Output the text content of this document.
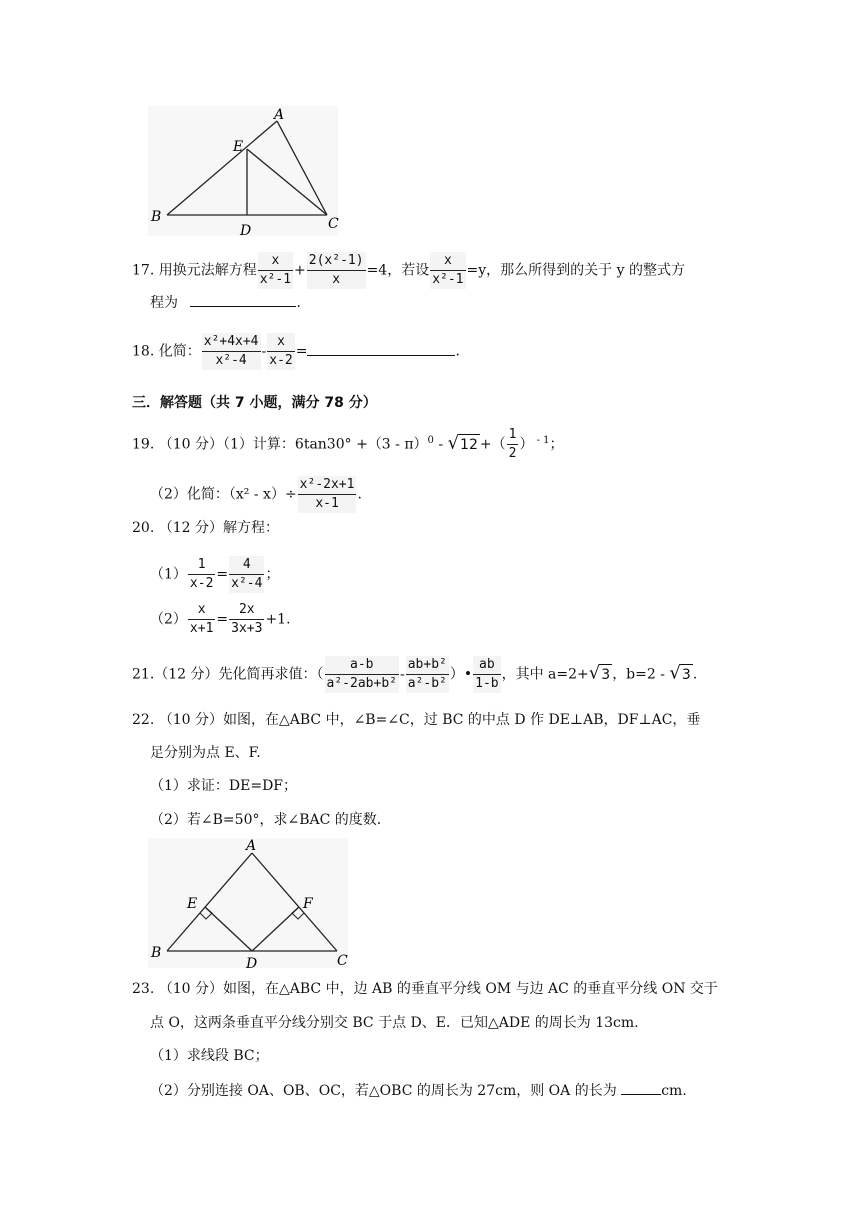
A
E
B
D	C
17. 用换元法解方程 $\frac{x}{\text{x²-1}} + \frac{\text{2(x²-1)}}{x} =4$，若设 $\frac{x}{\text{x²-1}} =y$，那么所得到的关于 y 的整式方
程为	.
18. 化简： $\frac{\text{x²+4x+4}}{\text{x²-4}} - \frac{x}{x-2}$ =	.
三．解答题（共 7 小题，满分 78 分）
19. （10 分）（1）计算：6tan30° +（3 - π）$^0$ - √12 +（ $\frac{1}{2}$ ） $^{- 1}$；
（2）化简：$(x^2 - x)\div \frac{\text{x²-2x+1}}{x-1}$ .
20. （12 分）解方程：
$(1) \frac{1}{x-2} = \frac{4}{\text{x²-4}}$ ；
$(2) \frac{x}{x+1} = \frac{2x}{3x+3} +1$.
21.（12 分）先化简再求值：（ $\frac{a-b}{\text{a²-2ab+b²}} - \frac{\text{ab+b²}}{\text{a²-b²}}$ ）• $\frac{ab}{1-b}$ ，其中 a=2+√3 ，b=2 - √3 .
22. （10 分）如图，在△ABC 中，∠B=∠C，过 BC 的中点 D 作 DE⊥AB，DF⊥AC，垂
足分别为点 E、F.
（1）求证：DE=DF；
（2）若∠B=50°，求∠BAC 的度数.
A
E	F
B
D	C
23. （10 分）如图，在△ABC 中，边 AB 的垂直平分线 OM 与边 AC 的垂直平分线 ON 交于
点 O，这两条垂直平分线分别交 BC 于点 D、E．已知△ADE 的周长为 13cm.
（1）求线段 BC；
（2）分别连接 OA、OB、OC，若△OBC 的周长为 27cm，则 OA 的长为	cm.
